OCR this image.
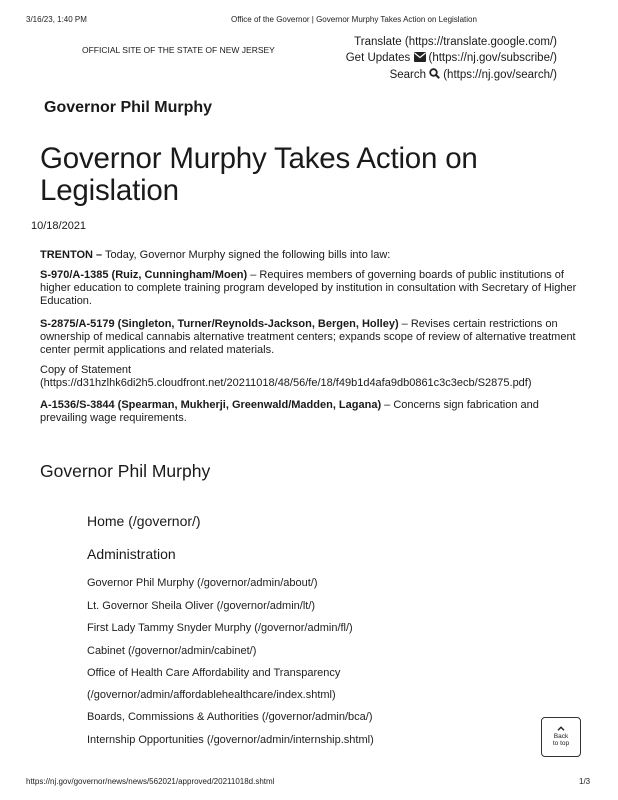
3/16/23, 1:40 PM	Office of the Governor | Governor Murphy Takes Action on Legislation
OFFICIAL SITE OF THE STATE OF NEW JERSEY
Translate (https://translate.google.com/)
Get Updates (https://nj.gov/subscribe/)
Search (https://nj.gov/search/)
Governor Phil Murphy
Governor Murphy Takes Action on Legislation
10/18/2021
TRENTON – Today, Governor Murphy signed the following bills into law:
S-970/A-1385 (Ruiz, Cunningham/Moen) – Requires members of governing boards of public institutions of higher education to complete training program developed by institution in consultation with Secretary of Higher Education.
S-2875/A-5179 (Singleton, Turner/Reynolds-Jackson, Bergen, Holley) – Revises certain restrictions on ownership of medical cannabis alternative treatment centers; expands scope of review of alternative treatment center permit applications and related materials.
Copy of Statement
(https://d31hzlhk6di2h5.cloudfront.net/20211018/48/56/fe/18/f49b1d4afa9db0861c3c3ecb/S2875.pdf)
A-1536/S-3844 (Spearman, Mukherji, Greenwald/Madden, Lagana) – Concerns sign fabrication and prevailing wage requirements.
Governor Phil Murphy
Home (/governor/)
Administration
Governor Phil Murphy (/governor/admin/about/)
Lt. Governor Sheila Oliver (/governor/admin/lt/)
First Lady Tammy Snyder Murphy (/governor/admin/fl/)
Cabinet (/governor/admin/cabinet/)
Office of Health Care Affordability and Transparency
(/governor/admin/affordablehealthcare/index.shtml)
Boards, Commissions & Authorities (/governor/admin/bca/)
Internship Opportunities (/governor/admin/internship.shtml)	Back
to top
https://nj.gov/governor/news/news/562021/approved/20211018d.shtml	1/3
